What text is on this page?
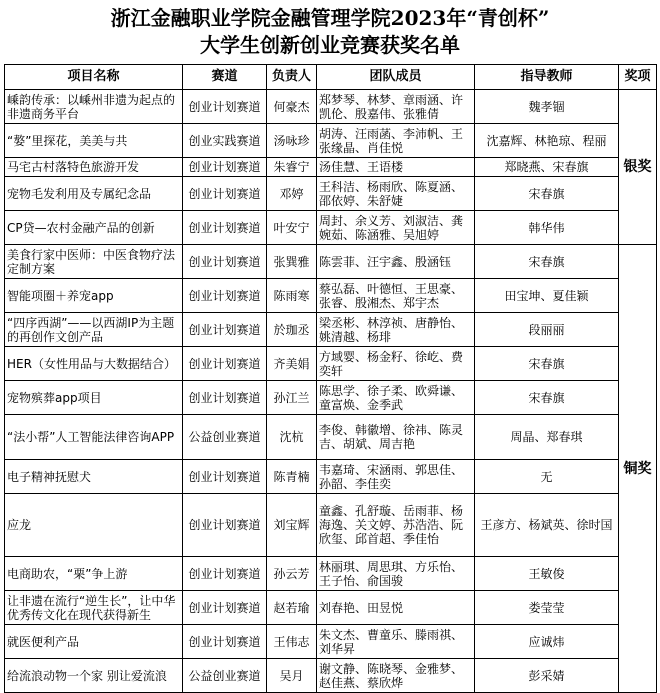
浙江金融职业学院金融管理学院2023年“青创杯”
大学生创新创业竞赛获奖名单
项目名称	赛道	负责人	团队成员	指导教师	奖项
嵊韵传承：以嵊州非遗为起点的非遗商务平台	创业计划赛道	何豪杰	郑梦琴、林梦、章雨涵、许凯伦、殷嘉伟、张雅倩	魏孝锢	银奖
“嫯”里探花，美美与共	创业实践赛道	汤咏珍	胡涛、汪雨菡、李沛帆、王张缘晶、肖佳悦	沈嘉辉、林艳琼、程丽	
马宅古村落特色旅游开发	创业计划赛道	朱睿宁	汤佳慧、王语楼	郑晓燕、宋春旗	
宠物毛发利用及专属纪念品	创业计划赛道	邓婷	王科洁、杨雨欣、陈夏涵、邵依婷、朱舒婕	宋春旗	
CP贷—农村金融产品的创新	创业计划赛道	叶安宁	周封、余义芳、刘淑洁、龚婉茹、陈涵雅、吴旭婷	韩华伟	
美食行家中医师：中医食物疗法定制方案	创业计划赛道	张巽雅	陈雲菲、汪宇鑫、殷涵钰	宋春旗	铜奖
智能项圈＋养宠app	创业计划赛道	陈雨寒	蔡弘磊、叶德恒、王思豪、张睿、殷湘杰、郑宇杰	田宝坤、夏佳颖	
“四序西湖”——以西湖IP为主题的再创作文创产品	创业计划赛道	於珈丞	梁丞彬、林淳祯、唐静怡、姚清越、杨琲	段丽丽	
HER（女性用品与大数据结合）	创业计划赛道	齐美娟	方域婴、杨金籽、徐屹、费奕轩	宋春旗	
宠物殡葬app项目	创业计划赛道	孙江兰	陈思学、徐子柔、欧舜谦、童富焕、金季武	宋春旗	
“法小帮”人工智能法律咨询APP	公益创业赛道	沈杭	李俊、韩徽增、徐祎、陈灵吉、胡斌、周吉艳	周晶、郑春琪	
电子精神抚慰犬	创业计划赛道	陈青楠	韦嘉琦、宋涵雨、郭思佳、孙韶、李佳奕	无	
应龙	创业计划赛道	刘宝辉	童鑫、孔舒璇、岳雨菲、杨海逸、关文婷、苏浩浩、阮欣玺、邱首超、季佳怡	王彦方、杨斌英、徐时国	
电商助农，“栗”争上游	创业计划赛道	孙云芳	林丽琪、周思琪、方乐怡、王子怡、俞国骏	王敏俊	
让非遗在流行“逆生长”，让中华优秀传文化在现代获得新生	创业计划赛道	赵若瑜	刘春艳、田昱悦	娄莹莹	
就医便利产品	创业计划赛道	王伟志	朱文杰、曹童乐、滕雨祺、刘华昇	应诚炜	
给流浪动物一个家 别让爱流浪	公益创业赛道	吴月	谢文静、陈晓琴、金雅梦、赵佳燕、蔡欣烨	彭采婧	
